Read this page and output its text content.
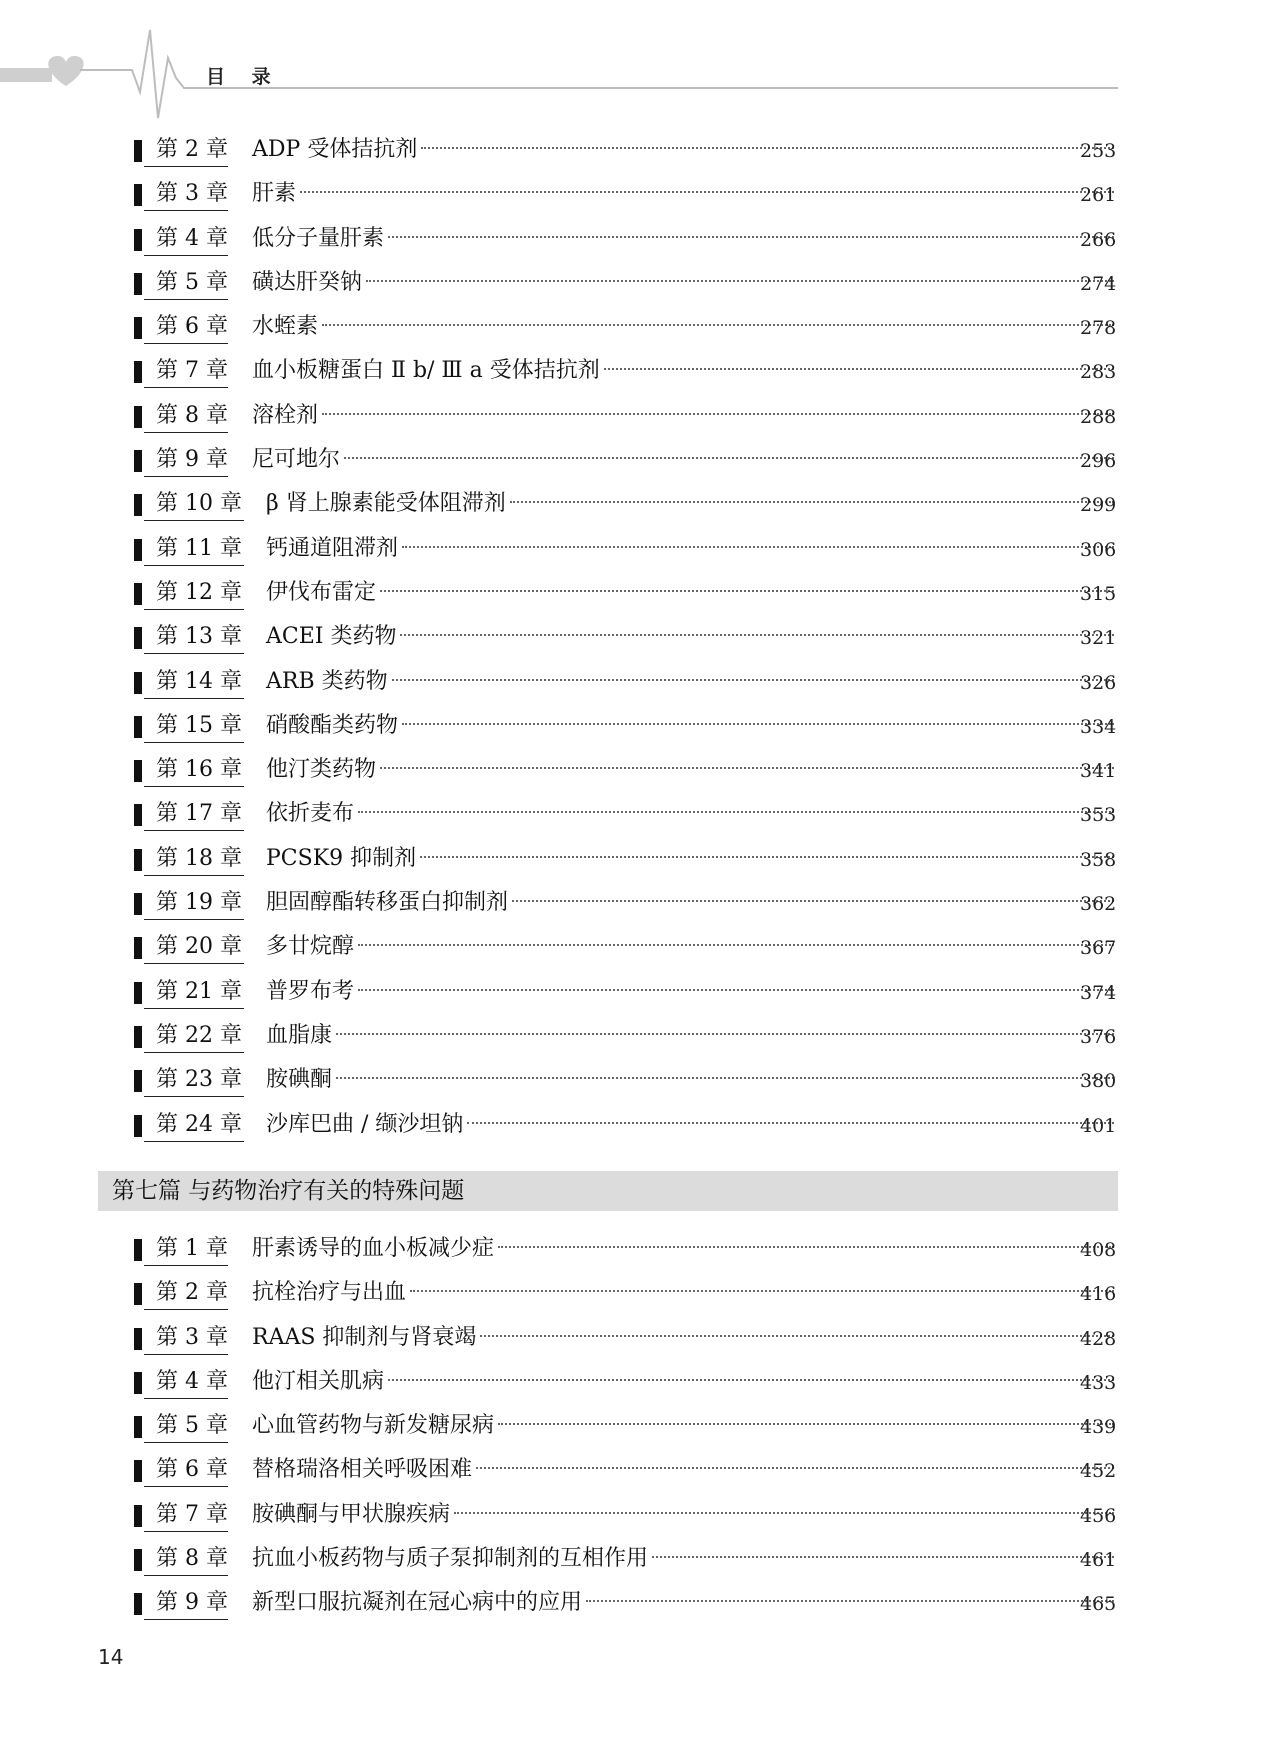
目 录
第 2 章 ADP 受体拮抗剂	253
第 3 章 肝素	261
第 4 章 低分子量肝素	266
第 5 章 磺达肝癸钠	274
第 6 章 水蛭素	278
第 7 章 血小板糖蛋白 Ⅱ b/ Ⅲ a 受体拮抗剂	283
第 8 章 溶栓剂	288
第 9 章 尼可地尔	296
第 10 章 β 肾上腺素能受体阻滞剂	299
第 11 章 钙通道阻滞剂	306
第 12 章 伊伐布雷定	315
第 13 章 ACEI 类药物	321
第 14 章 ARB 类药物	326
第 15 章 硝酸酯类药物	334
第 16 章 他汀类药物	341
第 17 章 依折麦布	353
第 18 章 PCSK9 抑制剂	358
第 19 章 胆固醇酯转移蛋白抑制剂	362
第 20 章 多廿烷醇	367
第 21 章 普罗布考	374
第 22 章 血脂康	376
第 23 章 胺碘酮	380
第 24 章 沙库巴曲 / 缬沙坦钠	401
第七篇 与药物治疗有关的特殊问题
第 1 章 肝素诱导的血小板减少症	408
第 2 章 抗栓治疗与出血	416
第 3 章 RAAS 抑制剂与肾衰竭	428
第 4 章 他汀相关肌病	433
第 5 章 心血管药物与新发糖尿病	439
第 6 章 替格瑞洛相关呼吸困难	452
第 7 章 胺碘酮与甲状腺疾病	456
第 8 章 抗血小板药物与质子泵抑制剂的互相作用	461
第 9 章 新型口服抗凝剂在冠心病中的应用	465
14
